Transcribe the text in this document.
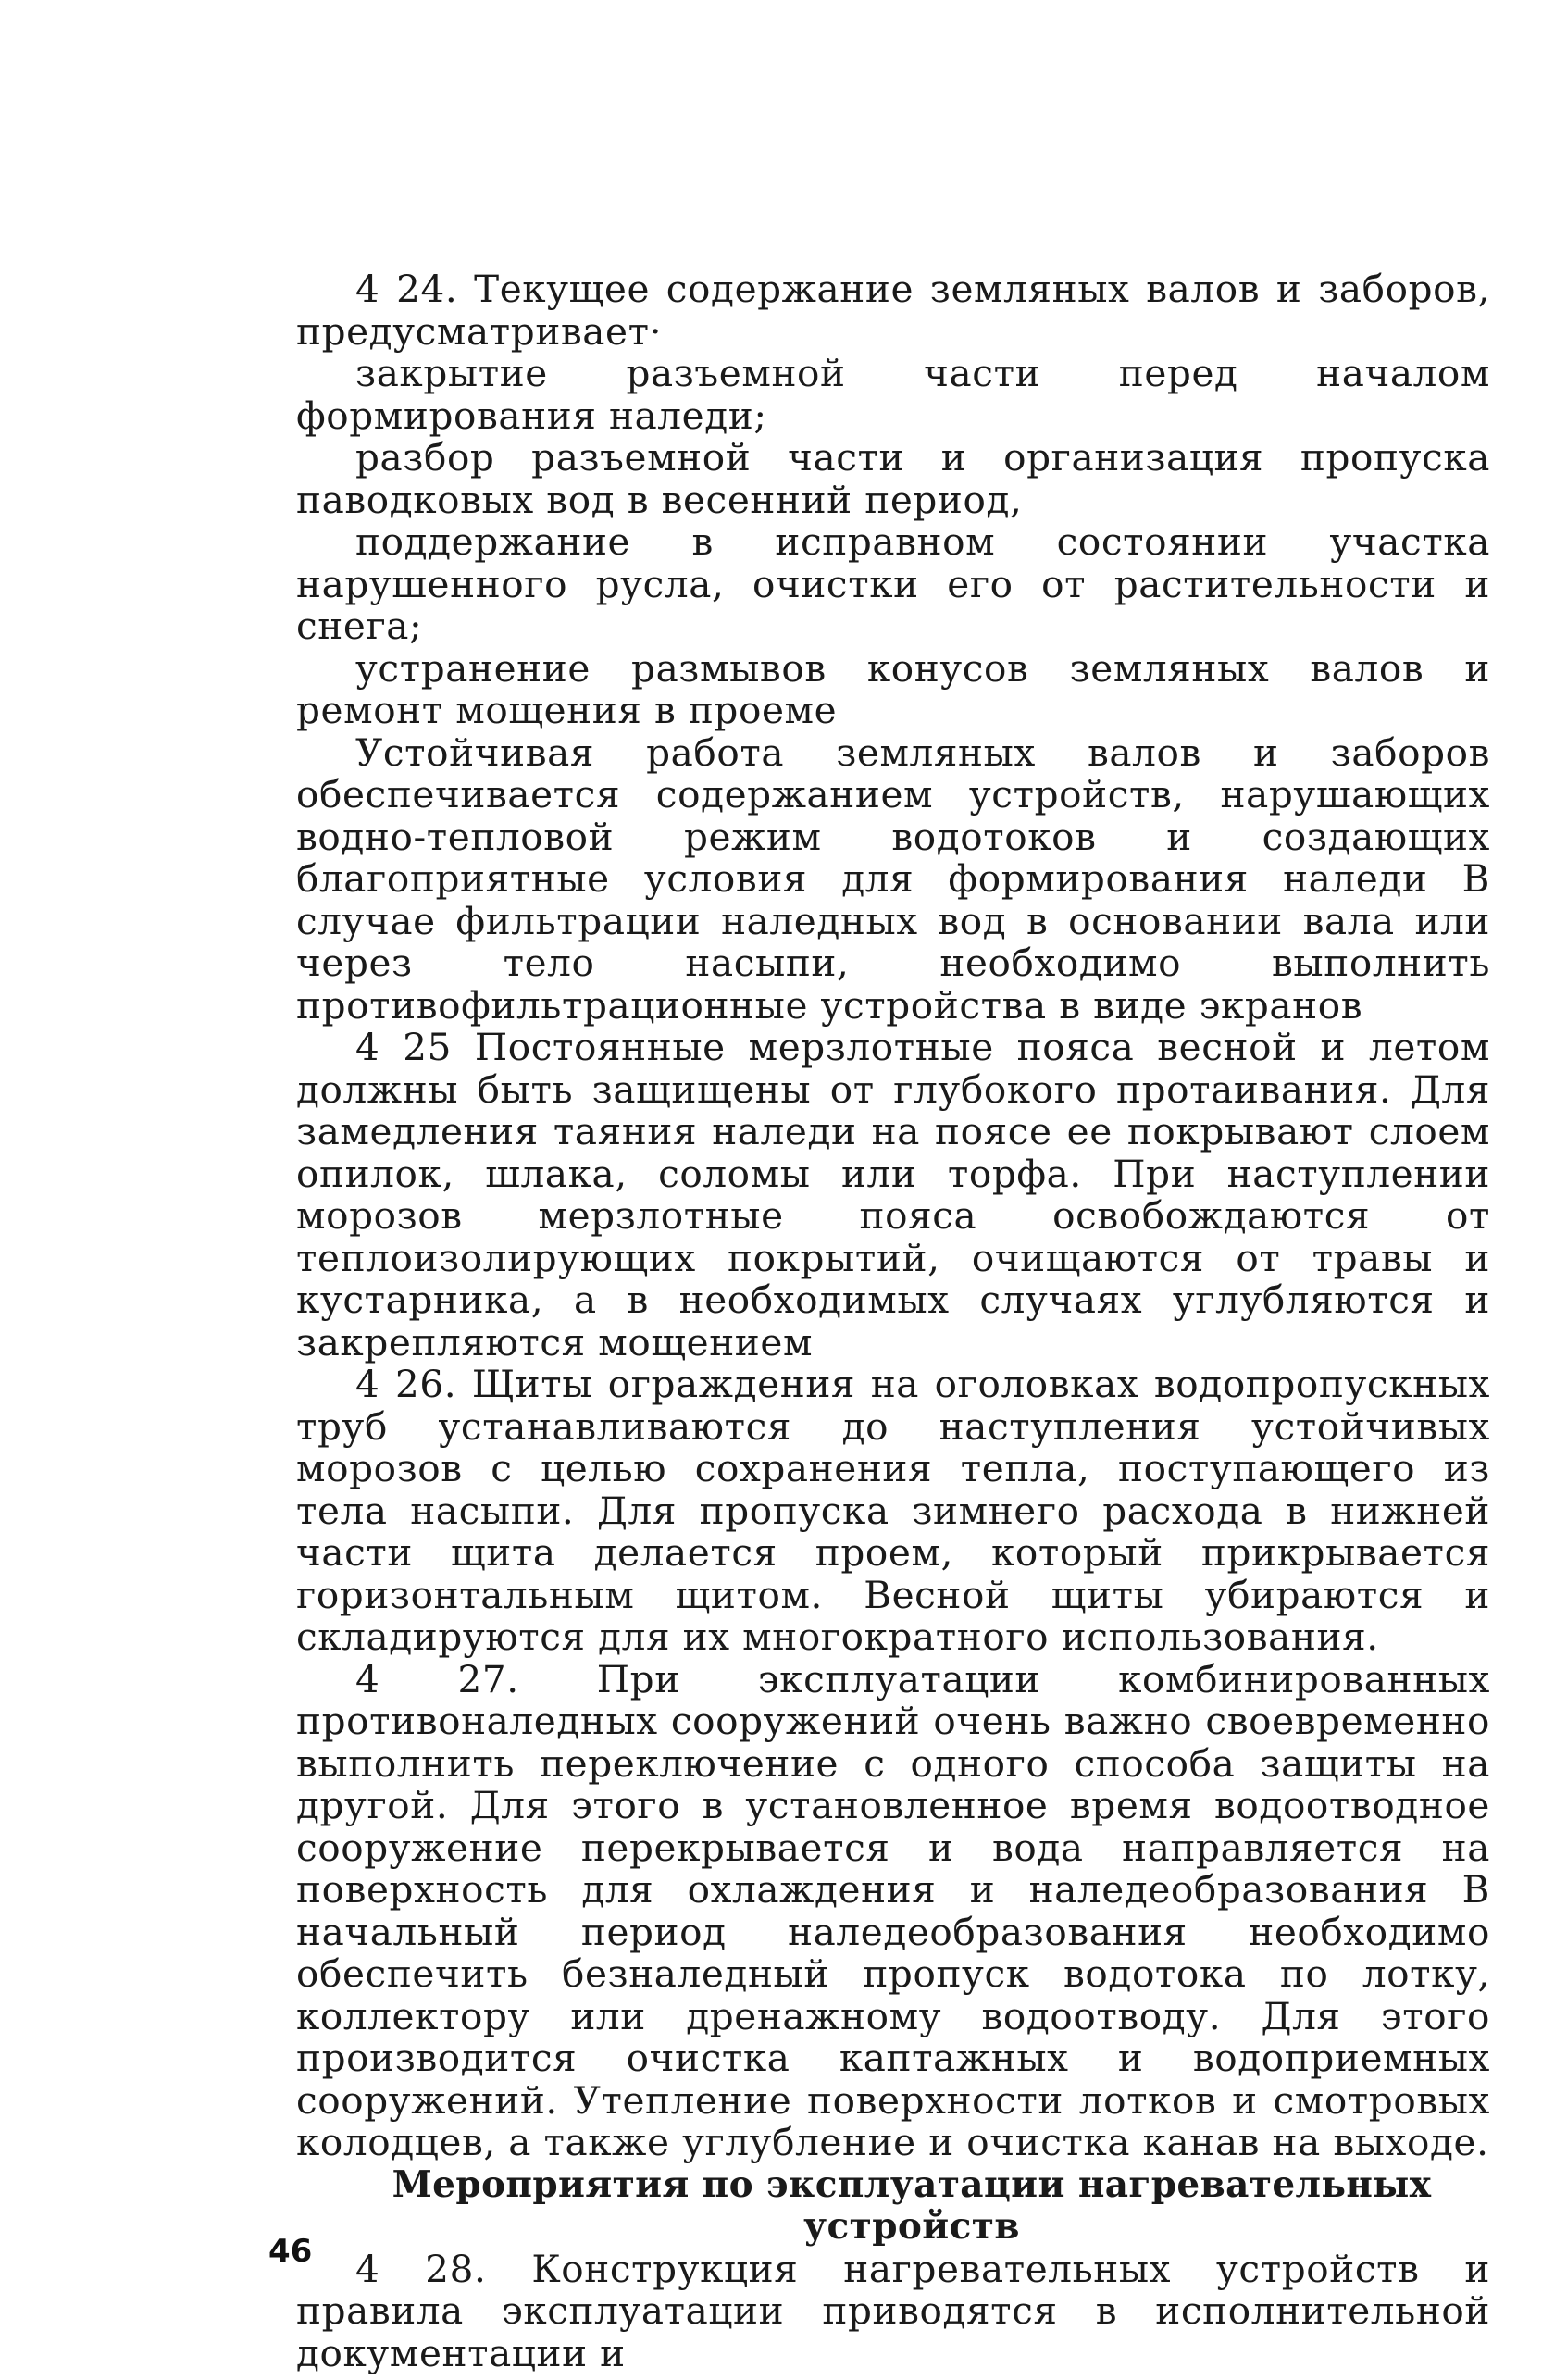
4 24. Текущее содержание земляных валов и заборов, предусматривает·

закрытие разъемной части перед началом формирования наледи;

разбор разъемной части и организация пропуска паводковых вод в весенний период,

поддержание в исправном состоянии участка нарушенного русла, очистки его от растительности и снега;

устранение размывов конусов земляных валов и ремонт мощения в проеме

Устойчивая работа земляных валов и заборов обеспечивается содержанием устройств, нарушающих водно-тепловой режим водотоков и создающих благоприятные условия для формирования наледи В случае фильтрации наледных вод в основании вала или через тело насыпи, необходимо выполнить противофильтрационные устройства в виде экранов

4 25 Постоянные мерзлотные пояса весной и летом должны быть защищены от глубокого протаивания. Для замедления таяния наледи на поясе ее покрывают слоем опилок, шлака, соломы или торфа. При наступлении морозов мерзлотные пояса освобождаются от теплоизолирующих покрытий, очищаются от травы и кустарника, а в необходимых случаях углубляются и закрепляются мощением

4 26. Щиты ограждения на оголовках водопропускных труб устанавливаются до наступления устойчивых морозов с целью сохранения тепла, поступающего из тела насыпи. Для пропуска зимнего расхода в нижней части щита делается проем, который прикрывается горизонтальным щитом. Весной щиты убираются и складируются для их многократного использования.

4 27. При эксплуатации комбинированных противоналедных сооружений очень важно своевременно выполнить переключение с одного способа защиты на другой. Для этого в установленное время водоотводное сооружение перекрывается и вода направляется на поверхность для охлаждения и наледеобразования В начальный период наледеобразования необходимо обеспечить безналедный пропуск водотока по лотку, коллектору или дренажному водоотводу. Для этого производится очистка каптажных и водоприемных сооружений. Утепление поверхности лотков и смотровых колодцев, а также углубление и очистка канав на выходе.

Мероприятия по эксплуатации нагревательных устройств

4 28. Конструкция нагревательных устройств и правила эксплуатации приводятся в исполнительной документации и

46
